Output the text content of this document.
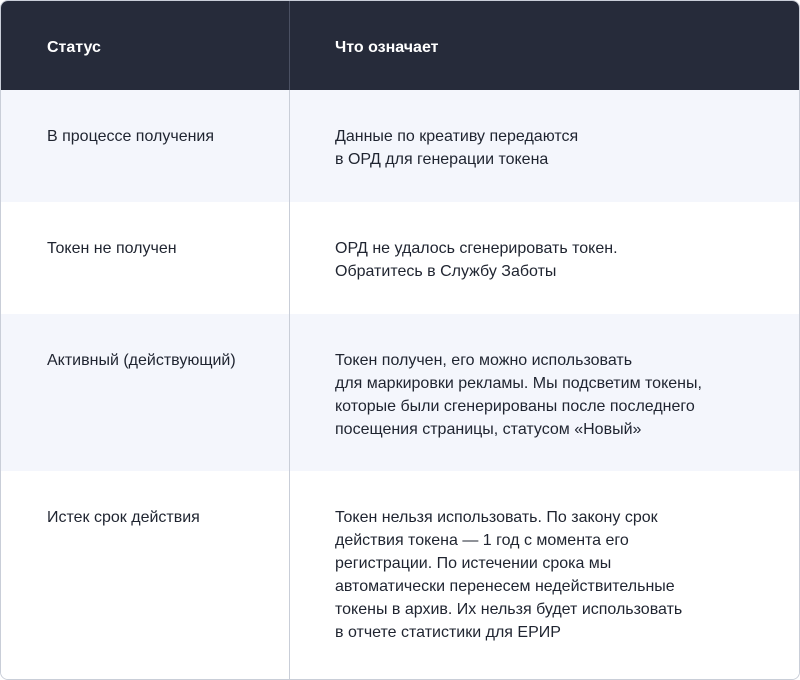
Статус	Что означает
В процессе получения	Данные по креативу передаются
в ОРД для генерации токена
Токен не получен	ОРД не удалось сгенерировать токен.
Обратитесь в Службу Заботы
Активный (действующий)	Токен получен, его можно использовать
для маркировки рекламы. Мы подсветим токены,
которые были сгенерированы после последнего
посещения страницы, статусом «Новый»
Истек срок действия	Токен нельзя использовать. По закону срок
действия токена — 1 год с момента его
регистрации. По истечении срока мы
автоматически перенесем недействительные
токены в архив. Их нельзя будет использовать
в отчете статистики для ЕРИР
